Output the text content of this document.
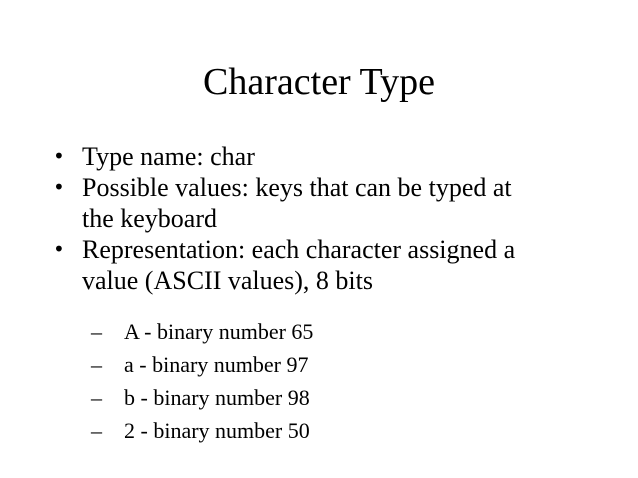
Character Type
• Type name: char
• Possible values: keys that can be typed at
the keyboard
• Representation: each character assigned a
value (ASCII values), 8 bits
–	A - binary number 65
–	a - binary number 97
–	b - binary number 98
–	2 - binary number 50
